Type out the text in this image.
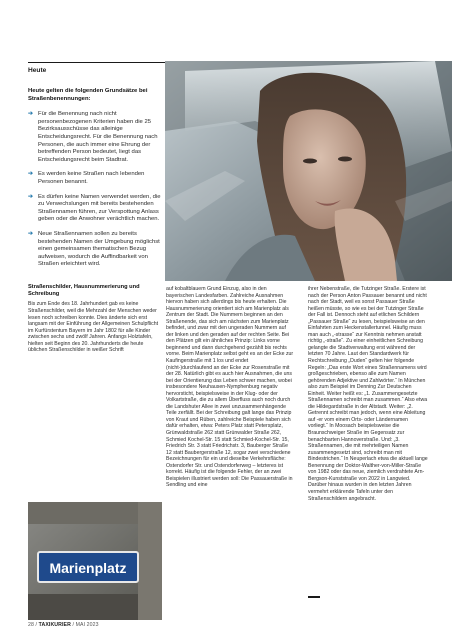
Heute
Heute gelten die folgenden Grundsätze bei Straßenbenennungen:
➔ Für die Benennung nach nicht personenbezogenen Kriterien haben die 25 Bezirksausschüsse das alleinige Entscheidungsrecht. Für die Benennung nach Personen, die auch immer eine Ehrung der betreffenden Person bedeutet, liegt das Entscheidungsrecht beim Stadtrat.
➔ Es werden keine Straßen nach lebenden Personen benannt.
➔ Es dürfen keine Namen verwendet werden, die zu Verwechslungen mit bereits bestehenden Straßennamen führen, zur Verspottung Anlass geben oder die Anwohner verächtlich machen.
➔ Neue Straßennamen sollen zu bereits bestehenden Namen der Umgebung möglichst einen gemeinsamen thematischen Bezug aufweisen, wodurch die Auffindbarkeit von Straßen erleichtert wird.
Straßenschilder, Hausnummerierung und Schreibung

Bis zum Ende des 18. Jahrhundert gab es keine Straßenschilder, weil die Mehrzahl der Menschen weder lesen noch schreiben konnte. Dies änderte sich erst langsam mit der Einführung der Allgemeinen Schulpflicht im Kurfürstentum Bayern im Jahr 1802 für alle Kinder zwischen sechs und zwölf Jahren. Anfangs Holztafeln, hielten seit Beginn des 20. Jahrhunderts die heute üblichen Straßenschilder in weißer Schrift

Marienplatz

auf kobaltblauem Grund Einzug, also in den bayerischen Landesfarben. Zahlreiche Ausnahmen hiervon haben sich allerdings bis heute erhalten. Die Hausnummerierung orientiert sich am Marienplatz als Zentrum der Stadt. Die Nummern beginnen an den Straßenende, das sich am nächsten zum Marienplatz befindet, und zwar mit den ungeraden Nummern auf der linken und den geraden auf der rechten Seite. Bei den Plätzen gilt ein ähnliches Prinzip: Links vorne beginnend und dann durchgehend gezählt bis rechts vorne. Beim Marienplatz selbst geht es an der Ecke zur Kaufingerstraße mit 1 los und endet (nicht-)durchlaufend an der Ecke zur Rosenstraße mit der 28. Natürlich gibt es auch hier Ausnahmen, die uns bei der Orientierung das Leben schwer machen, wobei insbesondere Neuhausen-Nymphenburg negativ hervorsticht, beispielsweise in der Klug- oder der Volkartstraße, die zu allem Überfluss auch noch durch die Landshuter Allee in zwei unzusammenhängende Teile zerfällt. Bei der Schreibung galt lange das Prinzip von Kraut und Rüben, zahlreiche Beispiele haben sich dafür erhalten, etwa: Peters Platz statt Petersplatz, Grünwaldstraße 262 statt Grünwalder Straße 262, Schmied Kochel-Str. 15 statt Schmied-Kochel-Str. 15, Friedrich Str. 3 statt Friedrichstr. 3, Bauberger Straße 12 statt Baubergerstraße 12, sogar zwei verschiedene Bezeichnungen für ein und dieselbe Verkehrsfläche: Ostendorfer Str. und Ostendorferweg – letzteres ist korrekt. Häufig ist die folgende Fehler, der an zwei Beispielen illustriert werden soll: Die Passauerstraße in Sendling und eine

ihrer Nebenstraße, die Tutzinger Straße. Erstere ist nach der Person Anton Passauer benannt und nicht nach der Stadt, weil es sonst Passauer Straße heißen müsste, so wie es bei der Tutzinger Straße der Fall ist. Dennoch steht auf etlichen Schildern „Passauer Straße“ zu lesen, beispielsweise an den Einfahrten zum Heckenstallertunnel. Häufig muss man auch „-strasse“ zur Kenntnis nehmen anstatt richtig „-straße“. Zu einer einheitlichen Schreibung gelangte die Stadtverwaltung erst während der letzten 70 Jahre. Laut den Standardwerk für Rechtschreibung „Duden“ gelten hier folgende Regeln: „Das erste Wort eines Straßennamens wird großgeschrieben, ebenso alle zum Namen gehörenden Adjektive und Zahlwörter.“ In München also zum Beispiel im Denning Zur Deutschen Einheit. Weiter heißt es: „1. Zusammengesetzte Straßennamen schreibt man zusammen.“ Also etwa die Hildegardstraße in der Altstadt. Weiter: „2. Getrennt schreibt man jedoch, wenn eine Ableitung auf -er vom einem Orts- oder Ländernamen vorliegt.“ In Moosach beispielsweise die Braunschweiger Straße im Gegensatz zur benachbarten Hannoverstraße. Und: „3. Straßennamen, die mit mehrteiligen Namen zusammengesetzt sind, schreibt man mit Bindestrichen.“ In Neuperlach etwa die aktuell lange Benennung der Doktor-Walther-von-Miller-Straße von 1982 oder das neue, ziemlich verdrahtete Arn-Bergson-Kunststraße von 2022 in Langwied. Darüber hinaus wurden in den letzten Jahren vermehrt erklärende Tafeln unter den Straßenschildern angebracht.

28 / TAXIKURIER / MAI 2023
